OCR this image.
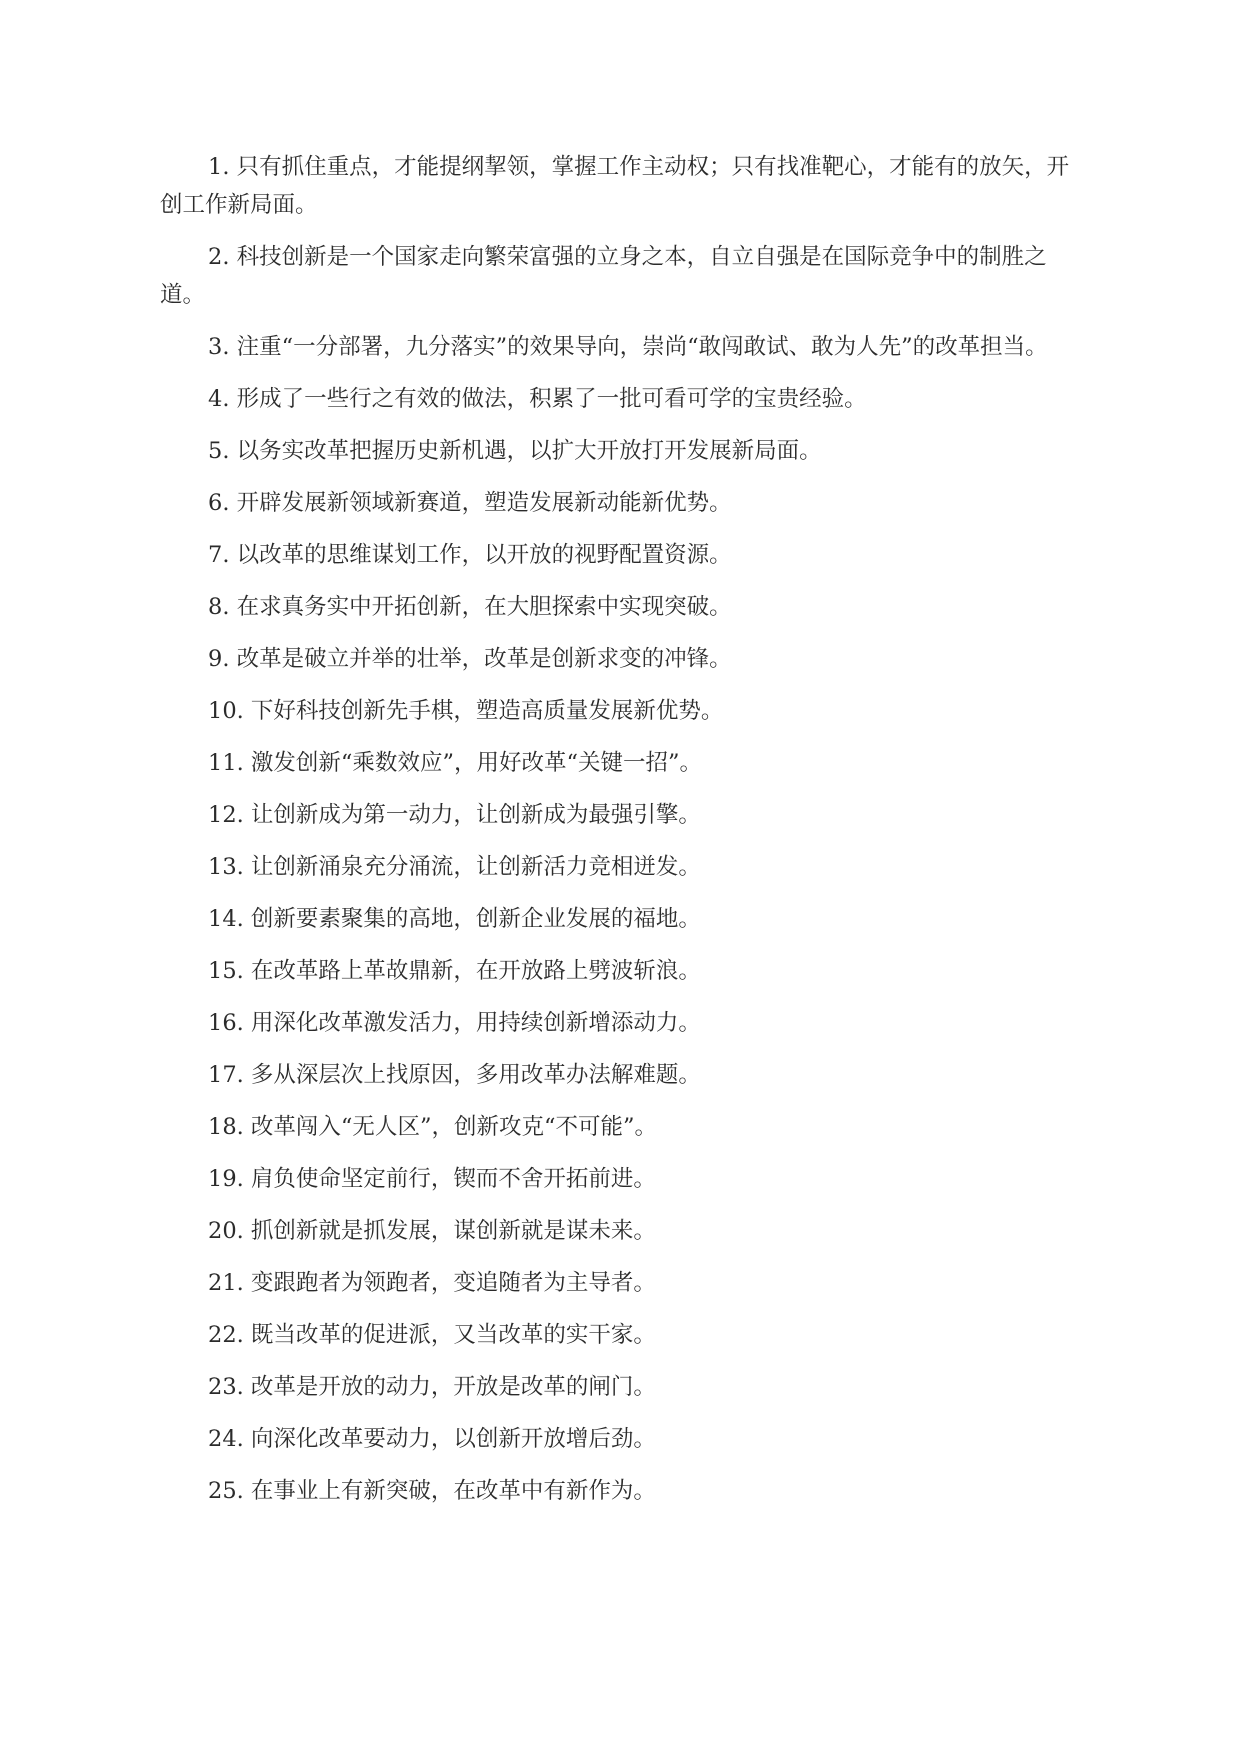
1. 只有抓住重点，才能提纲挈领，掌握工作主动权；只有找准靶心，才能有的放矢，开创工作新局面。

2. 科技创新是一个国家走向繁荣富强的立身之本，自立自强是在国际竞争中的制胜之道。

3. 注重“一分部署，九分落实”的效果导向，崇尚“敢闯敢试、敢为人先”的改革担当。

4. 形成了一些行之有效的做法，积累了一批可看可学的宝贵经验。

5. 以务实改革把握历史新机遇，以扩大开放打开发展新局面。

6. 开辟发展新领域新赛道，塑造发展新动能新优势。

7. 以改革的思维谋划工作，以开放的视野配置资源。

8. 在求真务实中开拓创新，在大胆探索中实现突破。

9. 改革是破立并举的壮举，改革是创新求变的冲锋。

10. 下好科技创新先手棋，塑造高质量发展新优势。

11. 激发创新“乘数效应”，用好改革“关键一招”。

12. 让创新成为第一动力，让创新成为最强引擎。

13. 让创新涌泉充分涌流，让创新活力竞相迸发。

14. 创新要素聚集的高地，创新企业发展的福地。

15. 在改革路上革故鼎新，在开放路上劈波斩浪。

16. 用深化改革激发活力，用持续创新增添动力。

17. 多从深层次上找原因，多用改革办法解难题。

18. 改革闯入“无人区”，创新攻克“不可能”。

19. 肩负使命坚定前行，锲而不舍开拓前进。

20. 抓创新就是抓发展，谋创新就是谋未来。

21. 变跟跑者为领跑者，变追随者为主导者。

22. 既当改革的促进派，又当改革的实干家。

23. 改革是开放的动力，开放是改革的闸门。

24. 向深化改革要动力，以创新开放增后劲。

25. 在事业上有新突破，在改革中有新作为。
